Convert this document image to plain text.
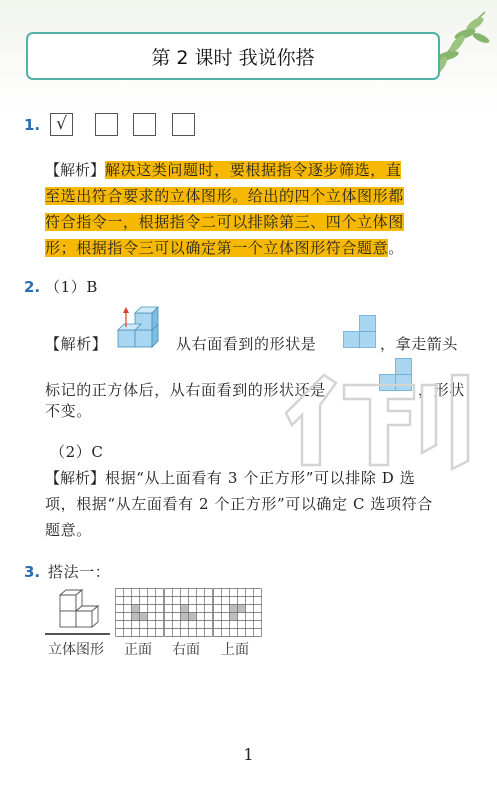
第 2 课时 我说你搭
1. √
【解析】解决这类问题时，要根据指令逐步筛选，直
至选出符合要求的立体图形。给出的四个立体图形都
符合指令一，根据指令二可以排除第三、四个立体图
形；根据指令三可以确定第一个立体图形符合题意。
2. （1）B
【解析】	从右面看到的形状是	，拿走箭头
标记的正方体后，从右面看到的形状还是	，形状
不变。
（2）C
【解析】根据“从上面看有 3 个正方形”可以排除 D 选
项，根据“从左面看有 2 个正方形”可以确定 C 选项符合
题意。
3. 搭法一：
立体图形 正面 右面 上面
1
